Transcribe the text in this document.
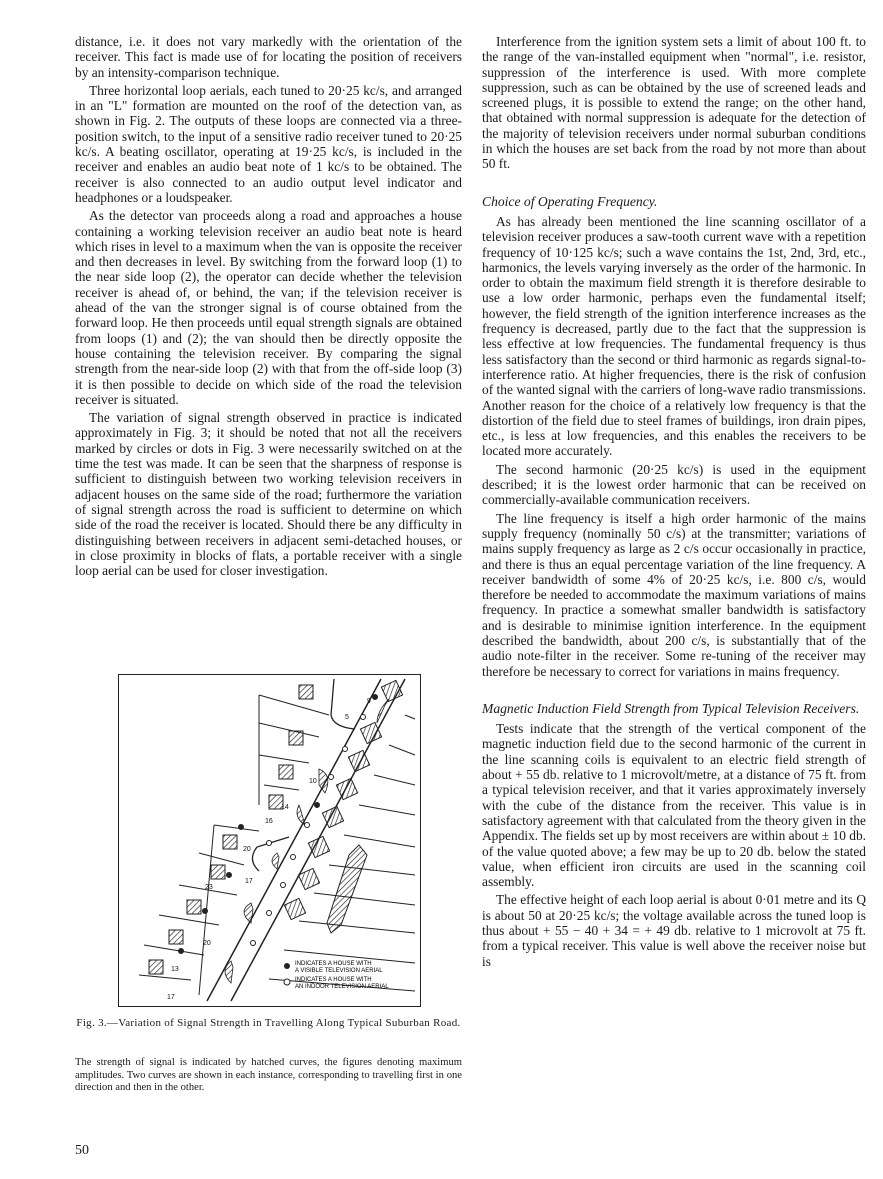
distance, i.e. it does not vary markedly with the orientation of the receiver. This fact is made use of for locating the position of receivers by an intensity-comparison technique.

Three horizontal loop aerials, each tuned to 20·25 kc/s, and arranged in an "L" formation are mounted on the roof of the detection van, as shown in Fig. 2. The outputs of these loops are connected via a three-position switch, to the input of a sensitive radio receiver tuned to 20·25 kc/s. A beating oscillator, operating at 19·25 kc/s, is included in the receiver and enables an audio beat note of 1 kc/s to be obtained. The receiver is also connected to an audio output level indicator and headphones or a loudspeaker.

As the detector van proceeds along a road and approaches a house containing a working television receiver an audio beat note is heard which rises in level to a maximum when the van is opposite the receiver and then decreases in level. By switching from the forward loop (1) to the near side loop (2), the operator can decide whether the television receiver is ahead of, or behind, the van; if the television receiver is ahead of the van the stronger signal is of course obtained from the forward loop. He then proceeds until equal strength signals are obtained from loops (1) and (2); the van should then be directly opposite the house containing the television receiver. By comparing the signal strength from the near-side loop (2) with that from the off-side loop (3) it is then possible to decide on which side of the road the television receiver is situated.

The variation of signal strength observed in practice is indicated approximately in Fig. 3; it should be noted that not all the receivers marked by circles or dots in Fig. 3 were necessarily switched on at the time the test was made. It can be seen that the sharpness of response is sufficient to distinguish between two working television receivers in adjacent houses on the same side of the road; furthermore the variation of signal strength across the road is sufficient to determine on which side of the road the receiver is located. Should there be any difficulty in distinguishing between receivers in adjacent semi-detached houses, or in close proximity in blocks of flats, a portable receiver with a single loop aerial can be used for closer investigation.

5
9
10
14
16
20
17
23
20
13
17
INDICATES A HOUSE WITH
A VISIBLE TELEVISION AERIAL
INDICATES A HOUSE WITH
AN INDOOR TELEVISION AERIAL
Fig. 3.—Variation of Signal Strength in Travelling Along Typical Suburban Road.
The strength of signal is indicated by hatched curves, the figures denoting maximum amplitudes. Two curves are shown in each instance, corresponding to travelling first in one direction and then in the other.
50

Interference from the ignition system sets a limit of about 100 ft. to the range of the van-installed equipment when "normal", i.e. resistor, suppression of the interference is used. With more complete suppression, such as can be obtained by the use of screened leads and screened plugs, it is possible to extend the range; on the other hand, that obtained with normal suppression is adequate for the detection of the majority of television receivers under normal suburban conditions in which the houses are set back from the road by not more than about 50 ft.

Choice of Operating Frequency.

As has already been mentioned the line scanning oscillator of a television receiver produces a saw-tooth current wave with a repetition frequency of 10·125 kc/s; such a wave contains the 1st, 2nd, 3rd, etc., harmonics, the levels varying inversely as the order of the harmonic. In order to obtain the maximum field strength it is therefore desirable to use a low order harmonic, perhaps even the fundamental itself; however, the field strength of the ignition interference increases as the frequency is decreased, partly due to the fact that the suppression is less effective at low frequencies. The fundamental frequency is thus less satisfactory than the second or third harmonic as regards signal-to-interference ratio. At higher frequencies, there is the risk of confusion of the wanted signal with the carriers of long-wave radio transmissions. Another reason for the choice of a relatively low frequency is that the distortion of the field due to steel frames of buildings, iron drain pipes, etc., is less at low frequencies, and this enables the receivers to be located more accurately.

The second harmonic (20·25 kc/s) is used in the equipment described; it is the lowest order harmonic that can be received on commercially-available communication receivers.

The line frequency is itself a high order harmonic of the mains supply frequency (nominally 50 c/s) at the transmitter; variations of mains supply frequency as large as 2 c/s occur occasionally in practice, and there is thus an equal percentage variation of the line frequency. A receiver bandwidth of some 4% of 20·25 kc/s, i.e. 800 c/s, would therefore be needed to accommodate the maximum variations of mains frequency. In practice a somewhat smaller bandwidth is satisfactory and is desirable to minimise ignition interference. In the equipment described the bandwidth, about 200 c/s, is substantially that of the audio note-filter in the receiver. Some re-tuning of the receiver may therefore be necessary to correct for variations in mains frequency.

Magnetic Induction Field Strength from Typical Television Receivers.

Tests indicate that the strength of the vertical component of the magnetic induction field due to the second harmonic of the current in the line scanning coils is equivalent to an electric field strength of about + 55 db. relative to 1 microvolt/metre, at a distance of 75 ft. from a typical television receiver, and that it varies approximately inversely with the cube of the distance from the receiver. This value is in satisfactory agreement with that calculated from the theory given in the Appendix. The fields set up by most receivers are within about ± 10 db. of the value quoted above; a few may be up to 20 db. below the stated value, when efficient iron circuits are used in the scanning coil assembly.

The effective height of each loop aerial is about 0·01 metre and its Q is about 50 at 20·25 kc/s; the voltage available across the tuned loop is thus about + 55 − 40 + 34 = + 49 db. relative to 1 microvolt at 75 ft. from a typical receiver. This value is well above the receiver noise but is
